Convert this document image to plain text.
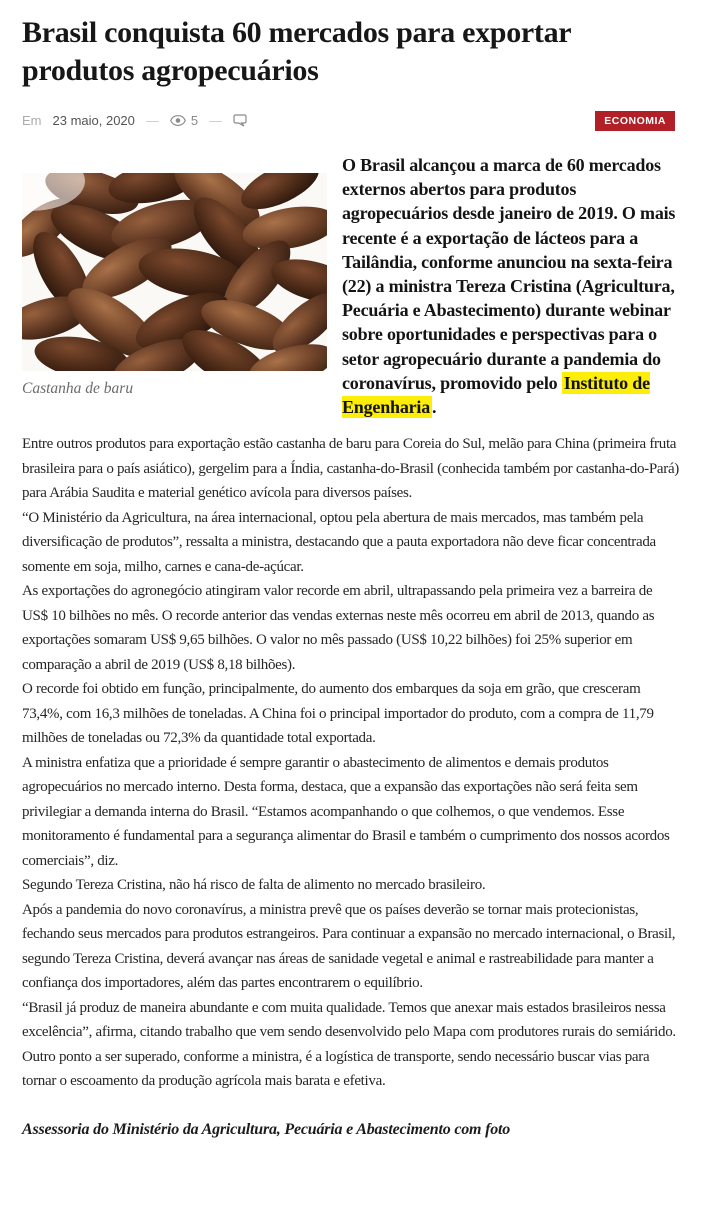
Brasil conquista 60 mercados para exportar produtos agropecuários
Em 23 maio, 2020 — 5 —	ECONOMIA
Castanha de baru

O Brasil alcançou a marca de 60 mercados externos abertos para produtos agropecuários desde janeiro de 2019. O mais recente é a exportação de lácteos para a Tailândia, conforme anunciou na sexta-feira (22) a ministra Tereza Cristina (Agricultura, Pecuária e Abastecimento) durante webinar sobre oportunidades e perspectivas para o setor agropecuário durante a pandemia do coronavírus, promovido pelo Instituto de Engenharia .

Entre outros produtos para exportação estão castanha de baru para Coreia do Sul, melão para China (primeira fruta brasileira para o país asiático), gergelim para a Índia, castanha-do-Brasil (conhecida também por castanha-do-Pará) para Arábia Saudita e material genético avícola para diversos países.

“O Ministério da Agricultura, na área internacional, optou pela abertura de mais mercados, mas também pela diversificação de produtos”, ressalta a ministra, destacando que a pauta exportadora não deve ficar concentrada somente em soja, milho, carnes e cana-de-açúcar.

As exportações do agronegócio atingiram valor recorde em abril, ultrapassando pela primeira vez a barreira de US$ 10 bilhões no mês. O recorde anterior das vendas externas neste mês ocorreu em abril de 2013, quando as exportações somaram US$ 9,65 bilhões. O valor no mês passado (US$ 10,22 bilhões) foi 25% superior em comparação a abril de 2019 (US$ 8,18 bilhões).

O recorde foi obtido em função, principalmente, do aumento dos embarques da soja em grão, que cresceram 73,4%, com 16,3 milhões de toneladas. A China foi o principal importador do produto, com a compra de 11,79 milhões de toneladas ou 72,3% da quantidade total exportada.

A ministra enfatiza que a prioridade é sempre garantir o abastecimento de alimentos e demais produtos agropecuários no mercado interno. Desta forma, destaca, que a expansão das exportações não será feita sem privilegiar a demanda interna do Brasil. “Estamos acompanhando o que colhemos, o que vendemos. Esse monitoramento é fundamental para a segurança alimentar do Brasil e também o cumprimento dos nossos acordos comerciais”, diz.

Segundo Tereza Cristina, não há risco de falta de alimento no mercado brasileiro.

Após a pandemia do novo coronavírus, a ministra prevê que os países deverão se tornar mais protecionistas, fechando seus mercados para produtos estrangeiros. Para continuar a expansão no mercado internacional, o Brasil, segundo Tereza Cristina, deverá avançar nas áreas de sanidade vegetal e animal e rastreabilidade para manter a confiança dos importadores, além das partes encontrarem o equilíbrio.

“Brasil já produz de maneira abundante e com muita qualidade. Temos que anexar mais estados brasileiros nessa excelência”, afirma, citando trabalho que vem sendo desenvolvido pelo Mapa com produtores rurais do semiárido.

Outro ponto a ser superado, conforme a ministra, é a logística de transporte, sendo necessário buscar vias para tornar o escoamento da produção agrícola mais barata e efetiva.

Assessoria do Ministério da Agricultura, Pecuária e Abastecimento com foto
